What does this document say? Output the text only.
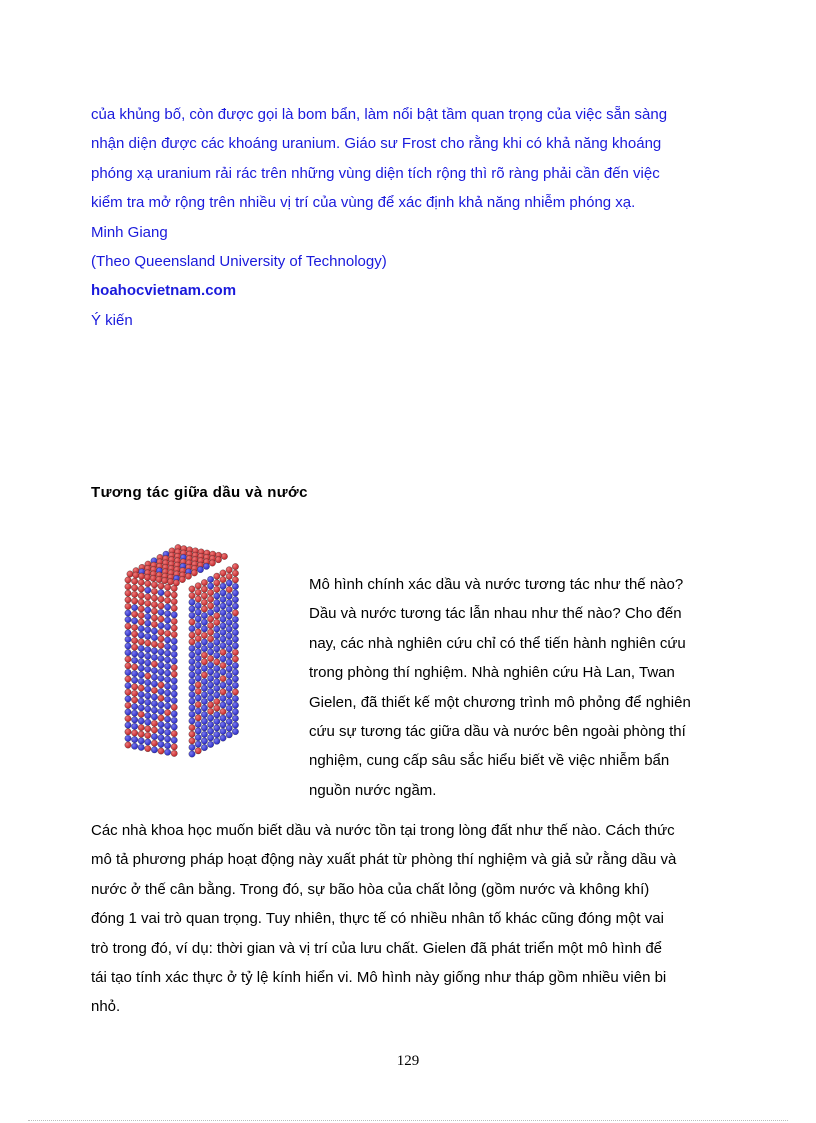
của khủng bố, còn được gọi là bom bẩn, làm nổi bật tầm quan trọng của việc sẵn sàng

nhận diện được các khoáng uranium. Giáo sư Frost cho rằng khi có khả năng khoáng

phóng xạ uranium rải rác trên những vùng diện tích rộng thì rõ ràng phải cần đến việc

kiểm tra mở rộng trên nhiều vị trí của vùng để xác định khả năng nhiễm phóng xạ.

Minh Giang

(Theo Queensland University of Technology)

hoahocvietnam.com

Ý kiến

Tương tác giữa dầu và nước
Mô hình chính xác dầu và nước tương tác như thế nào?
Dầu và nước tương tác lẫn nhau như thế nào? Cho đến
nay, các nhà nghiên cứu chỉ có thể tiến hành nghiên cứu
trong phòng thí nghiệm. Nhà nghiên cứu Hà Lan, Twan
Gielen, đã thiết kế một chương trình mô phỏng để nghiên
cứu sự tương tác giữa dầu và nước bên ngoài phòng thí
nghiệm, cung cấp sâu sắc hiểu biết về việc nhiễm bẩn
nguồn nước ngầm.
Các nhà khoa học muốn biết dầu và nước tồn tại trong lòng đất như thế nào. Cách thức
mô tả phương pháp hoạt động này xuất phát từ phòng thí nghiệm và giả sử rằng dầu và
nước ở thế cân bằng. Trong đó, sự bão hòa của chất lỏng (gồm nước và không khí)
đóng 1 vai trò quan trọng. Tuy nhiên, thực tế có nhiều nhân tố khác cũng đóng một vai
trò trong đó, ví dụ: thời gian và vị trí của lưu chất. Gielen đã phát triển một mô hình để
tái tạo tính xác thực ở tỷ lệ kính hiển vi. Mô hình này giống như tháp gồm nhiều viên bi
nhỏ.

129
